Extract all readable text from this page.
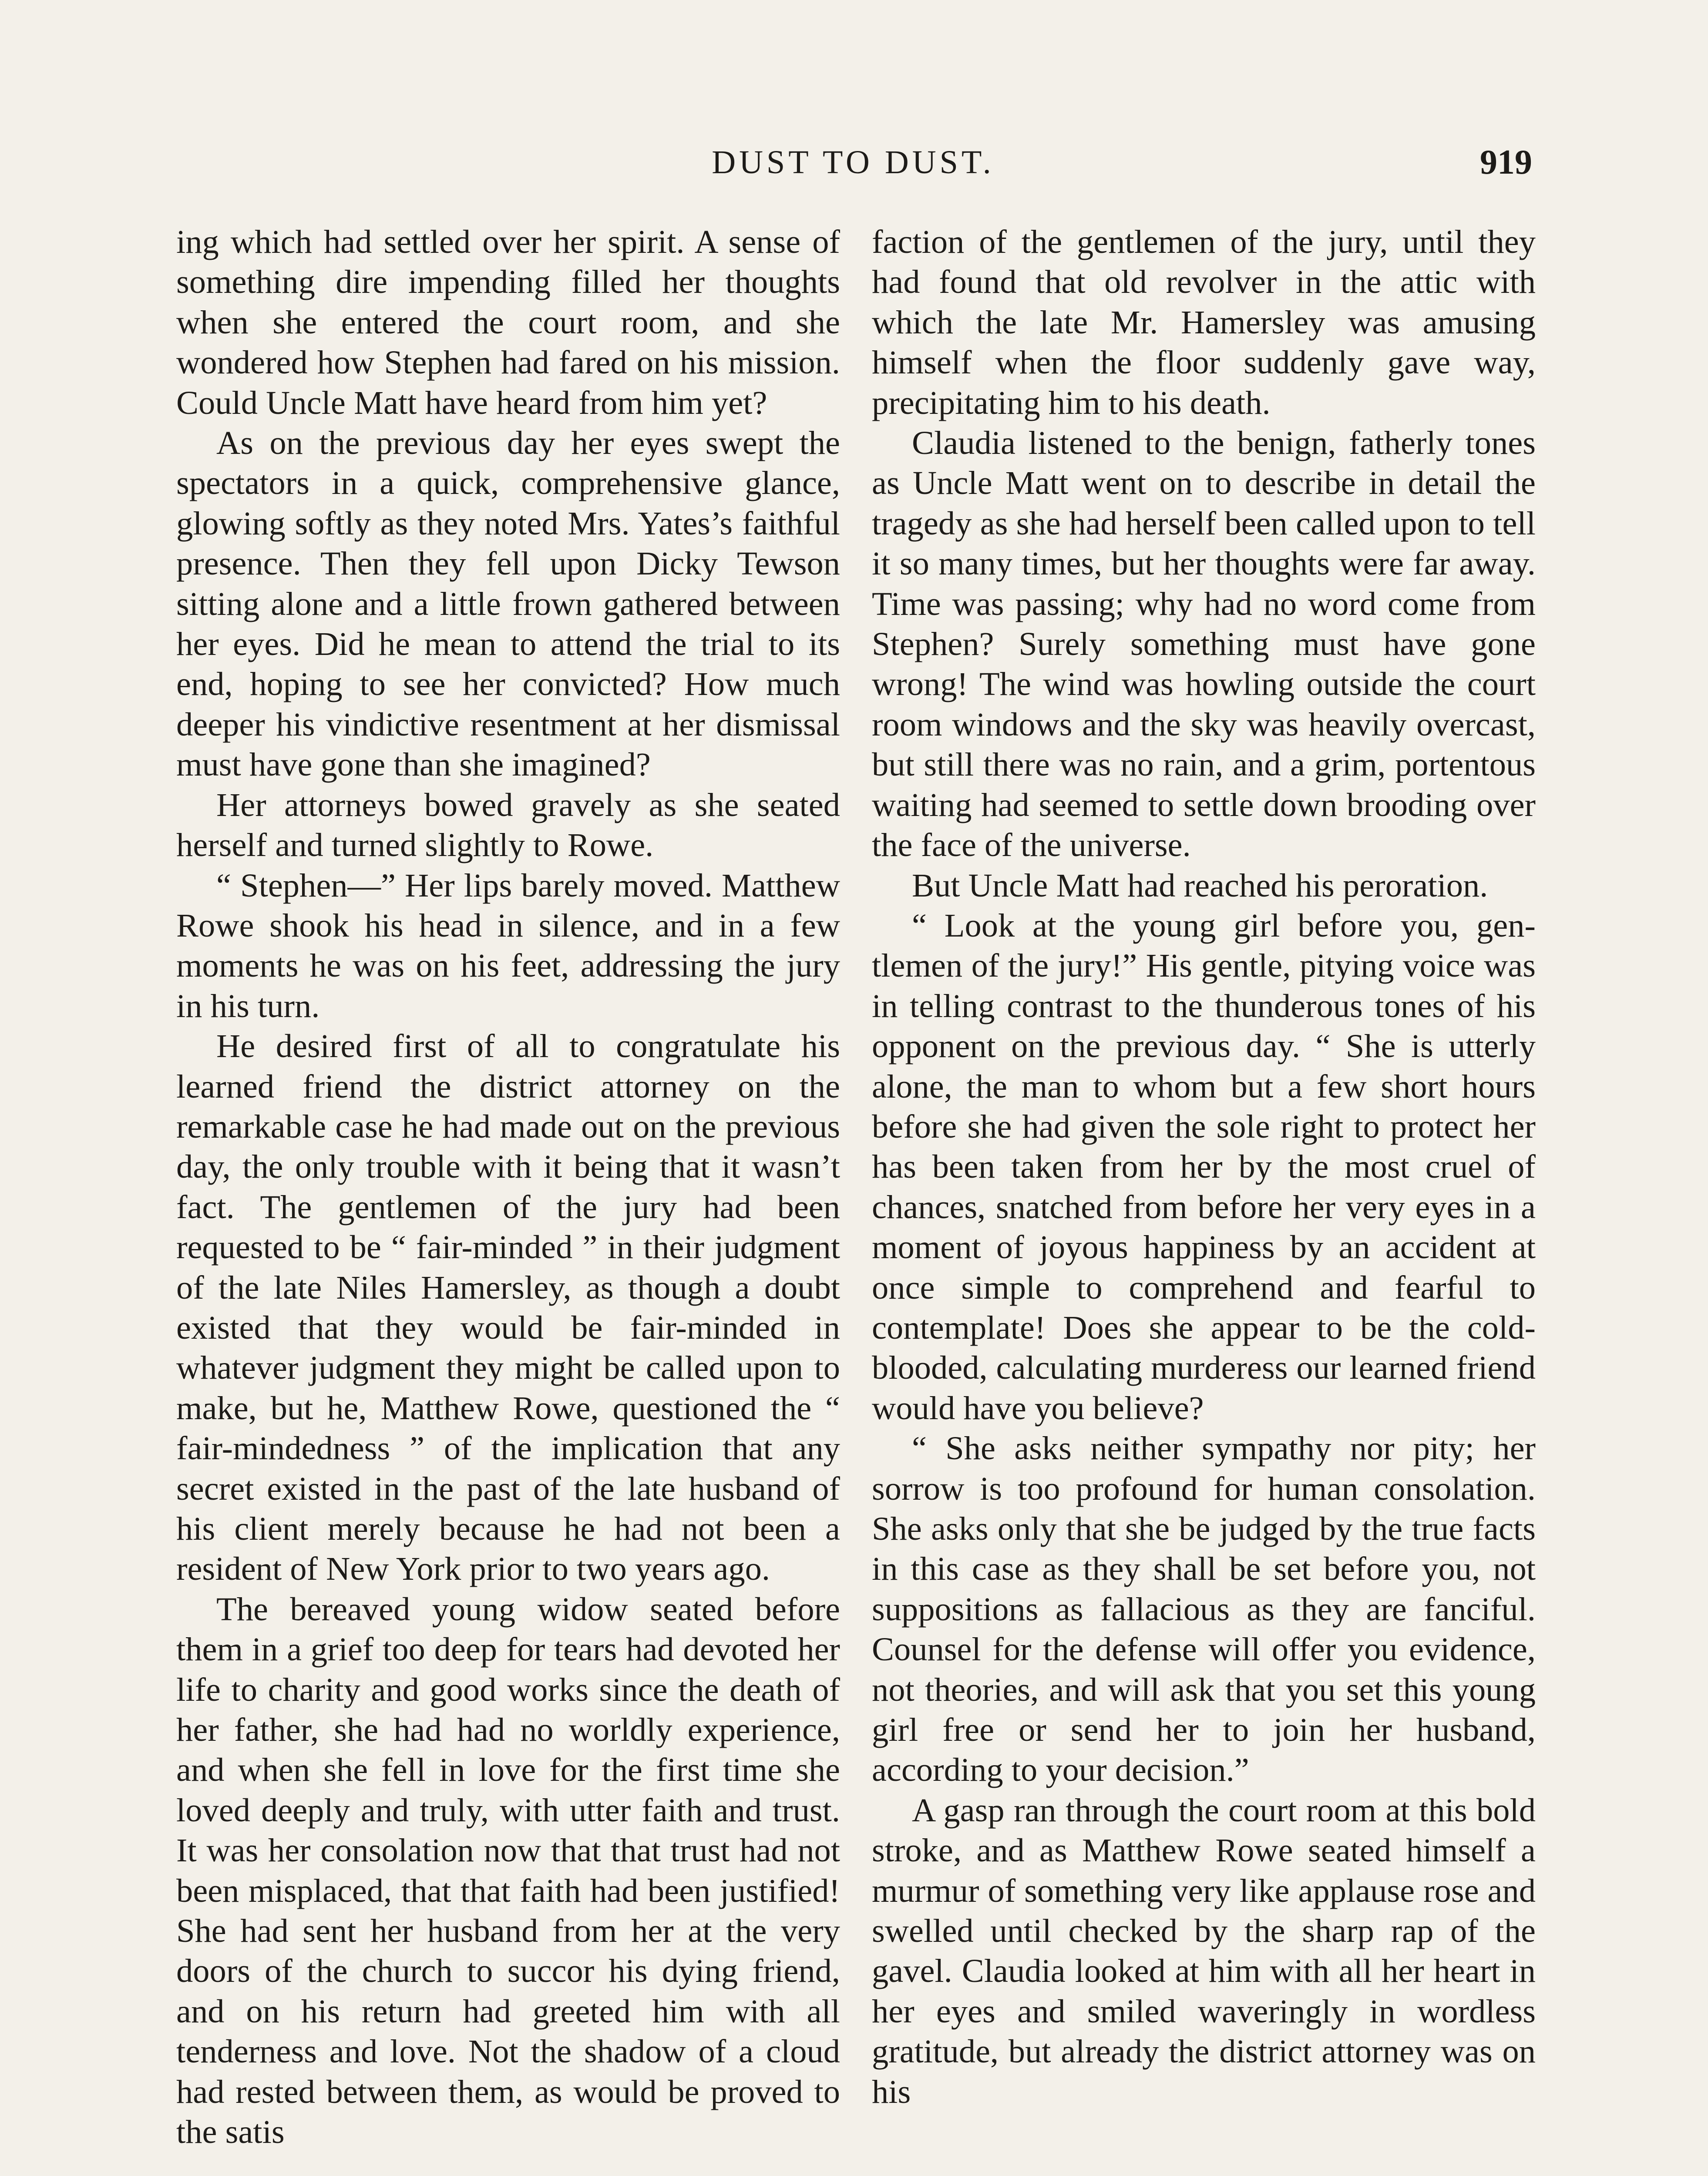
DUST TO DUST.	919

ing which had settled over her spirit. A sense of something dire impending filled her thoughts when she entered the court room, and she wondered how Stephen had fared on his mission. Could Uncle Matt have heard from him yet?

As on the previous day her eyes swept the spectators in a quick, comprehensive glance, glowing softly as they noted Mrs. Yates’s faithful presence. Then they fell upon Dicky Tewson sitting alone and a little frown gathered between her eyes. Did he mean to attend the trial to its end, hoping to see her convicted? How much deeper his vindictive resentment at her dismissal must have gone than she imagined?

Her attorneys bowed gravely as she seated herself and turned slightly to Rowe.

“ Stephen—” Her lips barely moved. Matthew Rowe shook his head in silence, and in a few moments he was on his feet, addressing the jury in his turn.

He desired first of all to congratulate his learned friend the district attorney on the remarkable case he had made out on the previous day, the only trouble with it being that it wasn’t fact. The gentlemen of the jury had been requested to be “ fair-minded ” in their judgment of the late Niles Hamersley, as though a doubt existed that they would be fair-minded in whatever judgment they might be called upon to make, but he, Matthew Rowe, questioned the “ fair-mindedness ” of the implication that any secret existed in the past of the late husband of his client merely because he had not been a resident of New York prior to two years ago.

The bereaved young widow seated before them in a grief too deep for tears had devoted her life to charity and good works since the death of her father, she had had no worldly experience, and when she fell in love for the first time she loved deeply and truly, with utter faith and trust. It was her consolation now that that trust had not been misplaced, that that faith had been justified! She had sent her husband from her at the very doors of the church to succor his dying friend, and on his return had greeted him with all tenderness and love. Not the shadow of a cloud had rested between them, as would be proved to the satis

faction of the gentlemen of the jury, until they had found that old revolver in the attic with which the late Mr. Hamersley was amusing himself when the floor suddenly gave way, precipitating him to his death.

Claudia listened to the benign, fatherly tones as Uncle Matt went on to describe in detail the tragedy as she had herself been called upon to tell it so many times, but her thoughts were far away. Time was passing; why had no word come from Stephen? Surely something must have gone wrong! The wind was howling outside the court room windows and the sky was heavily overcast, but still there was no rain, and a grim, portentous waiting had seemed to settle down brooding over the face of the universe.

But Uncle Matt had reached his peroration.

“ Look at the young girl before you, gentlemen of the jury!” His gentle, pitying voice was in telling contrast to the thunderous tones of his opponent on the previous day. “ She is utterly alone, the man to whom but a few short hours before she had given the sole right to protect her has been taken from her by the most cruel of chances, snatched from before her very eyes in a moment of joyous happiness by an accident at once simple to comprehend and fearful to contemplate! Does she appear to be the cold-blooded, calculating murderess our learned friend would have you believe?

“ She asks neither sympathy nor pity; her sorrow is too profound for human consolation. She asks only that she be judged by the true facts in this case as they shall be set before you, not suppositions as fallacious as they are fanciful. Counsel for the defense will offer you evidence, not theories, and will ask that you set this young girl free or send her to join her husband, according to your decision.”

A gasp ran through the court room at this bold stroke, and as Matthew Rowe seated himself a murmur of something very like applause rose and swelled until checked by the sharp rap of the gavel. Claudia looked at him with all her heart in her eyes and smiled waveringly in wordless gratitude, but already the district attorney was on his
